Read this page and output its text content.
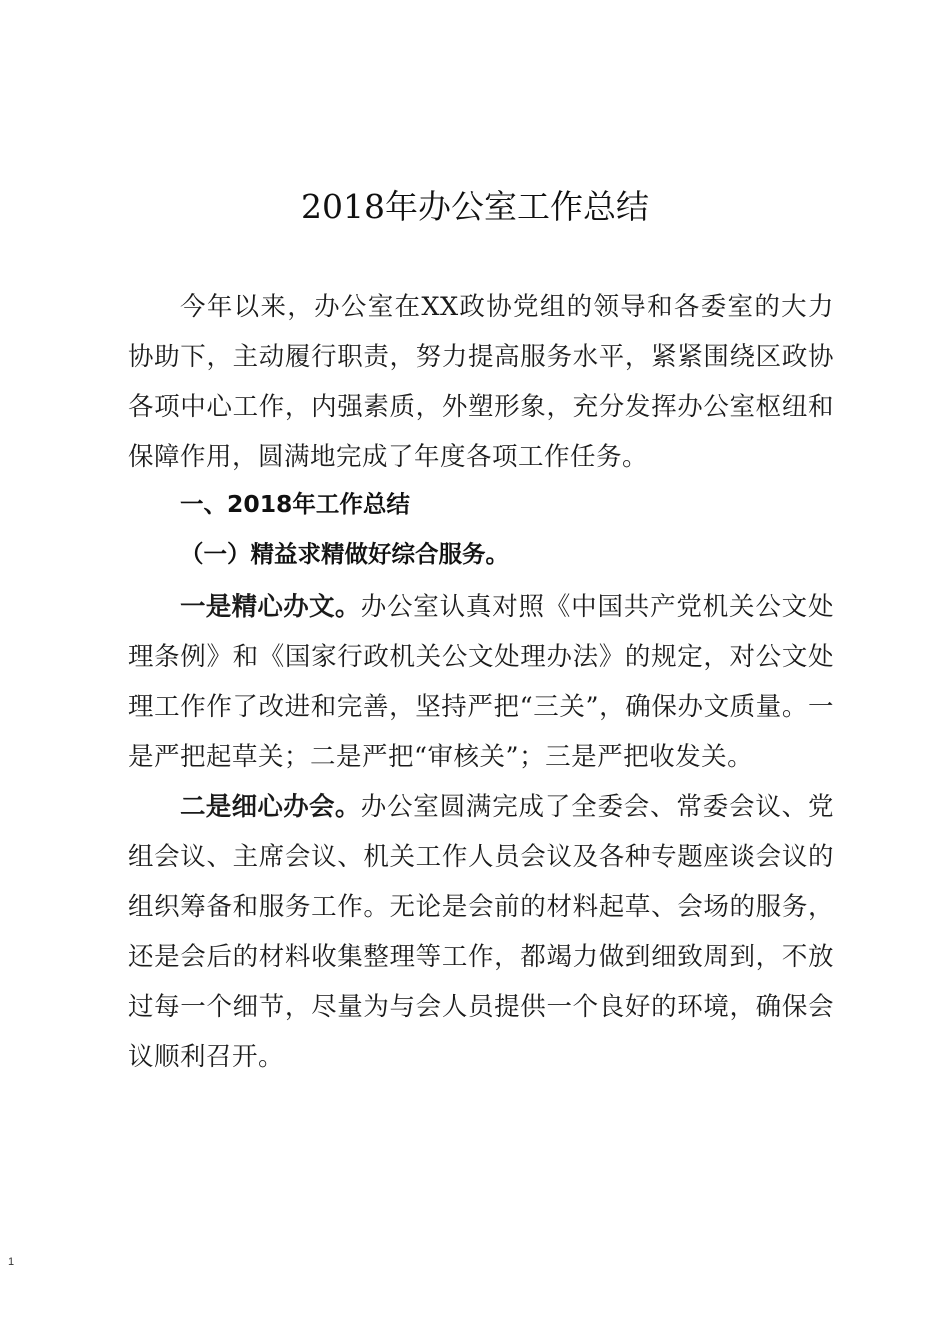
2018年办公室工作总结
今年以来，办公室在XX政协党组的领导和各委室的大力协助下，主动履行职责，努力提高服务水平，紧紧围绕区政协各项中心工作，内强素质，外塑形象，充分发挥办公室枢纽和保障作用，圆满地完成了年度各项工作任务。
一、2018年工作总结
（一）精益求精做好综合服务。
一是精心办文。办公室认真对照《中国共产党机关公文处理条例》和《国家行政机关公文处理办法》的规定，对公文处理工作作了改进和完善，坚持严把“三关”，确保办文质量。一是严把起草关；二是严把“审核关”；三是严把收发关。
二是细心办会。办公室圆满完成了全委会、常委会议、党组会议、主席会议、机关工作人员会议及各种专题座谈会议的组织筹备和服务工作。无论是会前的材料起草、会场的服务，还是会后的材料收集整理等工作，都竭力做到细致周到，不放过每一个细节，尽量为与会人员提供一个良好的环境，确保会议顺利召开。
1
